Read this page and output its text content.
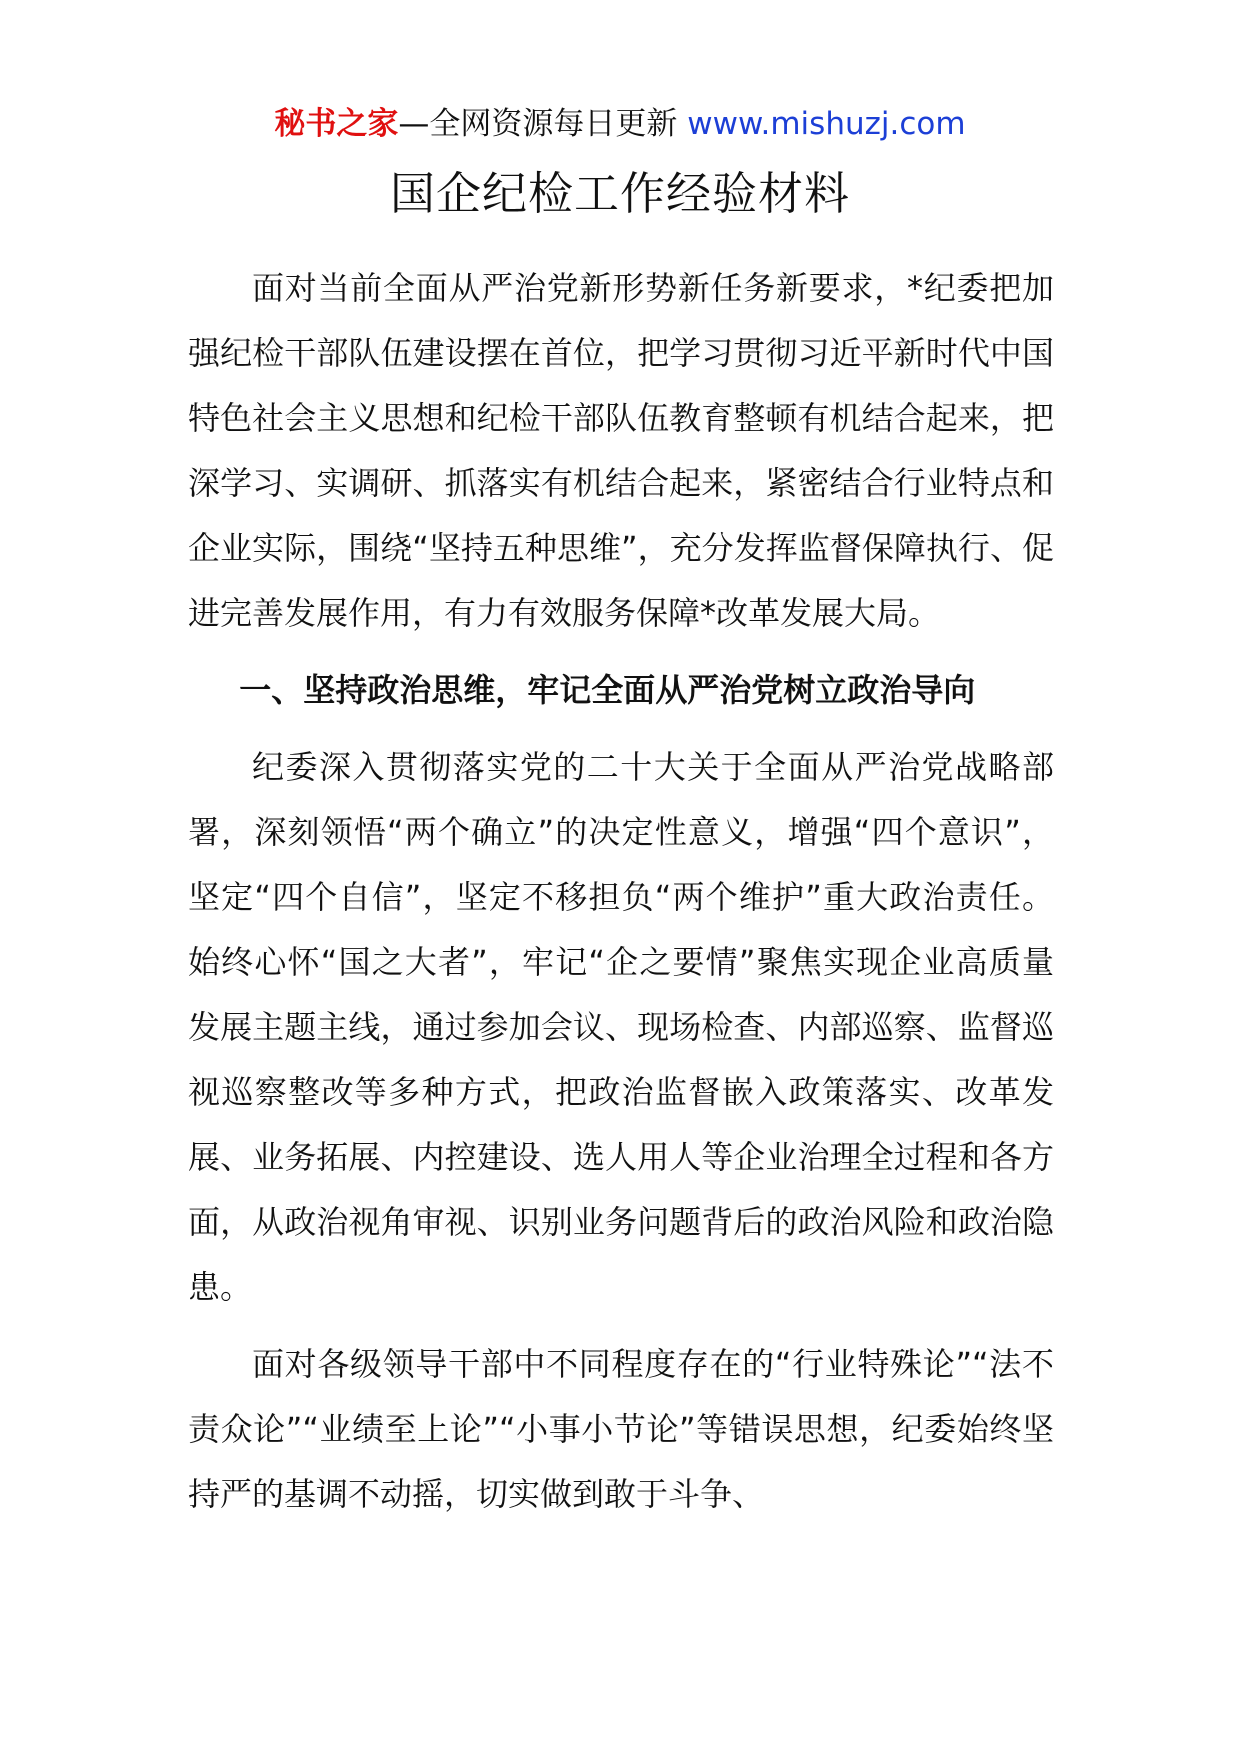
秘书之家—全网资源每日更新 www.mishuzj.com
国企纪检工作经验材料

面对当前全面从严治党新形势新任务新要求，*纪委把加强纪检干部队伍建设摆在首位，把学习贯彻习近平新时代中国特色社会主义思想和纪检干部队伍教育整顿有机结合起来，把深学习、实调研、抓落实有机结合起来，紧密结合行业特点和企业实际，围绕“坚持五种思维”，充分发挥监督保障执行、促进完善发展作用，有力有效服务保障*改革发展大局。

一、坚持政治思维，牢记全面从严治党树立政治导向

纪委深入贯彻落实党的二十大关于全面从严治党战略部署，深刻领悟“两个确立”的决定性意义，增强“四个意识”，坚定“四个自信”，坚定不移担负“两个维护”重大政治责任。始终心怀“国之大者”，牢记“企之要情”聚焦实现企业高质量发展主题主线，通过参加会议、现场检查、内部巡察、监督巡视巡察整改等多种方式，把政治监督嵌入政策落实、改革发展、业务拓展、内控建设、选人用人等企业治理全过程和各方面，从政治视角审视、识别业务问题背后的政治风险和政治隐患。

面对各级领导干部中不同程度存在的“行业特殊论”“法不责众论”“业绩至上论”“小事小节论”等错误思想，纪委始终坚持严的基调不动摇，切实做到敢于斗争、
